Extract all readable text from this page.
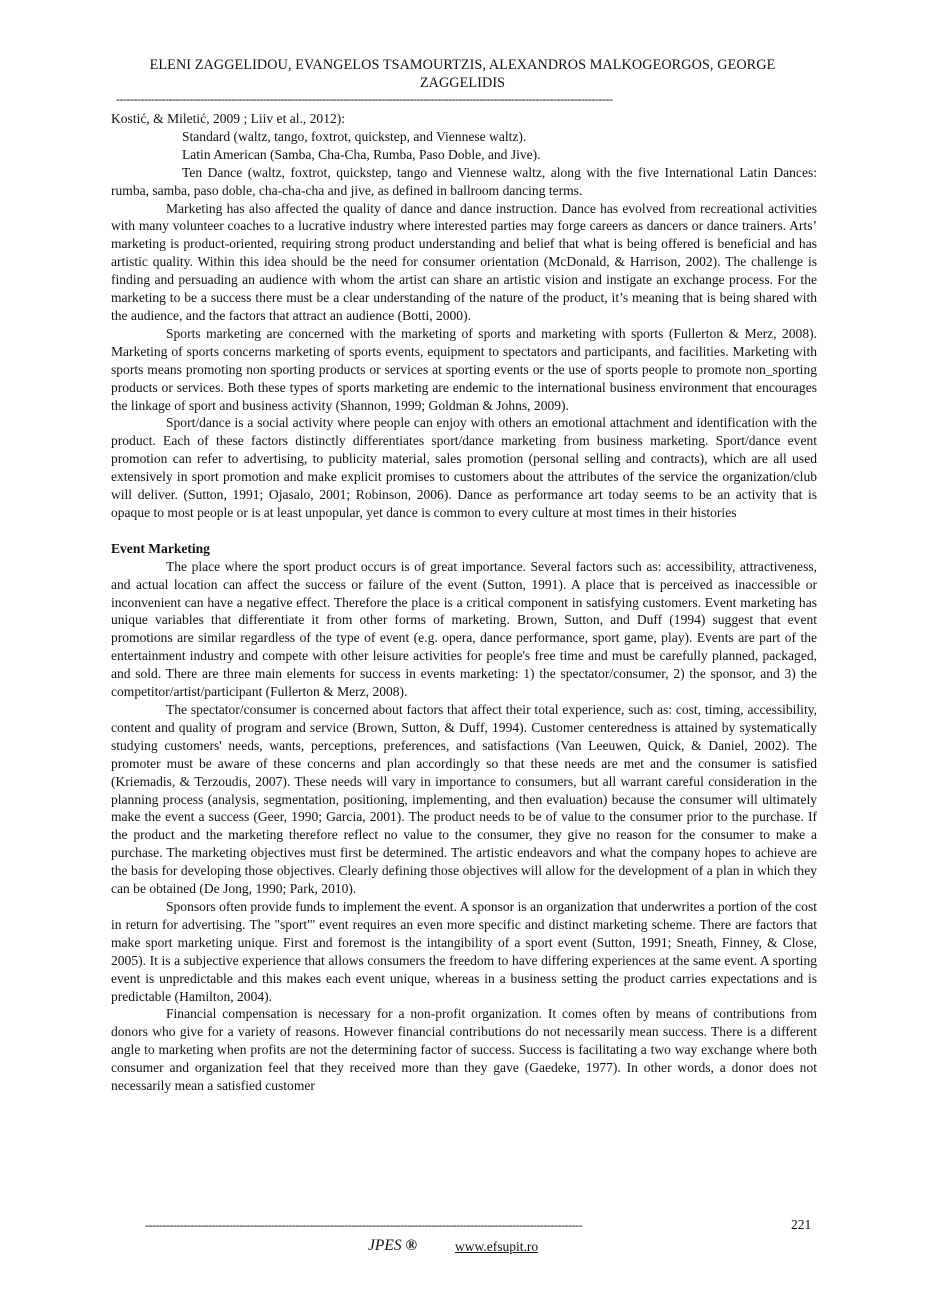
ELENI ZAGGELIDOU, EVANGELOS TSAMOURTZIS, ALEXANDROS MALKOGEORGOS, GEORGE ZAGGELIDIS
----------------------------------------------------------------------------------------------------------------------------------------------

Kostić, & Miletić, 2009 ; Liiv et al., 2012):

Standard (waltz, tango, foxtrot, quickstep, and Viennese waltz).

Latin American (Samba, Cha-Cha, Rumba, Paso Doble, and Jive).

Ten Dance (waltz, foxtrot, quickstep, tango and Viennese waltz, along with the five International Latin Dances: rumba, samba, paso doble, cha-cha-cha and jive, as defined in ballroom dancing terms.

Marketing has also affected the quality of dance and dance instruction. Dance has evolved from recreational activities with many volunteer coaches to a lucrative industry where interested parties may forge careers as dancers or dance trainers. Arts’ marketing is product-oriented, requiring strong product understanding and belief that what is being offered is beneficial and has artistic quality. Within this idea should be the need for consumer orientation (McDonald, & Harrison, 2002). The challenge is finding and persuading an audience with whom the artist can share an artistic vision and instigate an exchange process. For the marketing to be a success there must be a clear understanding of the nature of the product, it’s meaning that is being shared with the audience, and the factors that attract an audience (Botti, 2000).

Sports marketing are concerned with the marketing of sports and marketing with sports (Fullerton & Merz, 2008). Marketing of sports concerns marketing of sports events, equipment to spectators and participants, and facilities. Marketing with sports means promoting non sporting products or services at sporting events or the use of sports people to promote non_sporting products or services. Both these types of sports marketing are endemic to the international business environment that encourages the linkage of sport and business activity (Shannon, 1999; Goldman & Johns, 2009).

Sport/dance is a social activity where people can enjoy with others an emotional attachment and identification with the product. Each of these factors distinctly differentiates sport/dance marketing from business marketing. Sport/dance event promotion can refer to advertising, to publicity material, sales promotion (personal selling and contracts), which are all used extensively in sport promotion and make explicit promises to customers about the attributes of the service the organization/club will deliver. (Sutton, 1991; Ojasalo, 2001; Robinson, 2006). Dance as performance art today seems to be an activity that is opaque to most people or is at least unpopular, yet dance is common to every culture at most times in their histories

Event Marketing

The place where the sport product occurs is of great importance. Several factors such as: accessibility, attractiveness, and actual location can affect the success or failure of the event (Sutton, 1991). A place that is perceived as inaccessible or inconvenient can have a negative effect. Therefore the place is a critical component in satisfying customers. Event marketing has unique variables that differentiate it from other forms of marketing. Brown, Sutton, and Duff (1994) suggest that event promotions are similar regardless of the type of event (e.g. opera, dance performance, sport game, play). Events are part of the entertainment industry and compete with other leisure activities for people's free time and must be carefully planned, packaged, and sold. There are three main elements for success in events marketing: 1) the spectator/consumer, 2) the sponsor, and 3) the competitor/artist/participant (Fullerton & Merz, 2008).

The spectator/consumer is concerned about factors that affect their total experience, such as: cost, timing, accessibility, content and quality of program and service (Brown, Sutton, & Duff, 1994). Customer centeredness is attained by systematically studying customers' needs, wants, perceptions, preferences, and satisfactions (Van Leeuwen, Quick, & Daniel, 2002). The promoter must be aware of these concerns and plan accordingly so that these needs are met and the consumer is satisfied (Kriemadis, & Terzoudis, 2007). These needs will vary in importance to consumers, but all warrant careful consideration in the planning process (analysis, segmentation, positioning, implementing, and then evaluation) because the consumer will ultimately make the event a success (Geer, 1990; Garcia, 2001). The product needs to be of value to the consumer prior to the purchase. If the product and the marketing therefore reflect no value to the consumer, they give no reason for the consumer to make a purchase. The marketing objectives must first be determined. The artistic endeavors and what the company hopes to achieve are the basis for developing those objectives. Clearly defining those objectives will allow for the development of a plan in which they can be obtained (De Jong, 1990; Park, 2010).

Sponsors often provide funds to implement the event. A sponsor is an organization that underwrites a portion of the cost in return for advertising. The "sport"' event requires an even more specific and distinct marketing scheme. There are factors that make sport marketing unique. First and foremost is the intangibility of a sport event (Sutton, 1991; Sneath, Finney, & Close, 2005). It is a subjective experience that allows consumers the freedom to have differing experiences at the same event. A sporting event is unpredictable and this makes each event unique, whereas in a business setting the product carries expectations and is predictable (Hamilton, 2004).

Financial compensation is necessary for a non-profit organization. It comes often by means of contributions from donors who give for a variety of reasons. However financial contributions do not necessarily mean success. There is a different angle to marketing when profits are not the determining factor of success. Success is facilitating a two way exchange where both consumer and organization feel that they received more than they gave (Gaedeke, 1977). In other words, a donor does not necessarily mean a satisfied customer

-----------------------------------------------------------------------------------------------------------------------------	221
JPES ®	www.efsupit.ro
